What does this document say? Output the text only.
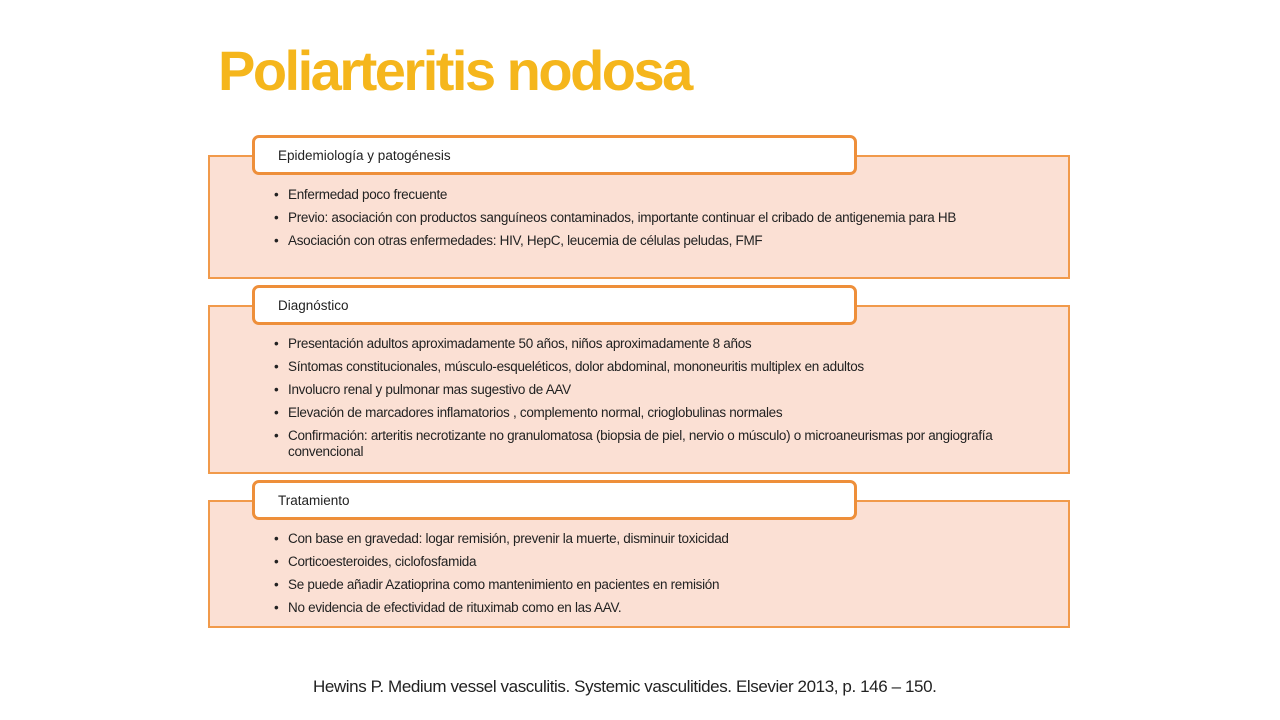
Poliarteritis nodosa
• Enfermedad poco frecuente
• Previo: asociación con productos sanguíneos contaminados, importante continuar el cribado de antigenemia para HB
• Asociación con otras enfermedades: HIV, HepC, leucemia de células peludas, FMF
Epidemiología y patogénesis
• Presentación adultos aproximadamente 50 años, niños aproximadamente 8 años
• Síntomas constitucionales, músculo-esqueléticos, dolor abdominal, mononeuritis multiplex en adultos
• Involucro renal y pulmonar mas sugestivo de AAV
• Elevación de marcadores inflamatorios , complemento normal, crioglobulinas normales
• Confirmación: arteritis necrotizante no granulomatosa (biopsia de piel, nervio o músculo) o microaneurismas por angiografía convencional
Diagnóstico
• Con base en gravedad: logar remisión, prevenir la muerte, disminuir toxicidad
• Corticoesteroides, ciclofosfamida
• Se puede añadir Azatioprina como mantenimiento en pacientes en remisión
• No evidencia de efectividad de rituximab como en las AAV.
Tratamiento
Hewins P. Medium vessel vasculitis. Systemic vasculitides. Elsevier 2013, p. 146 – 150.
